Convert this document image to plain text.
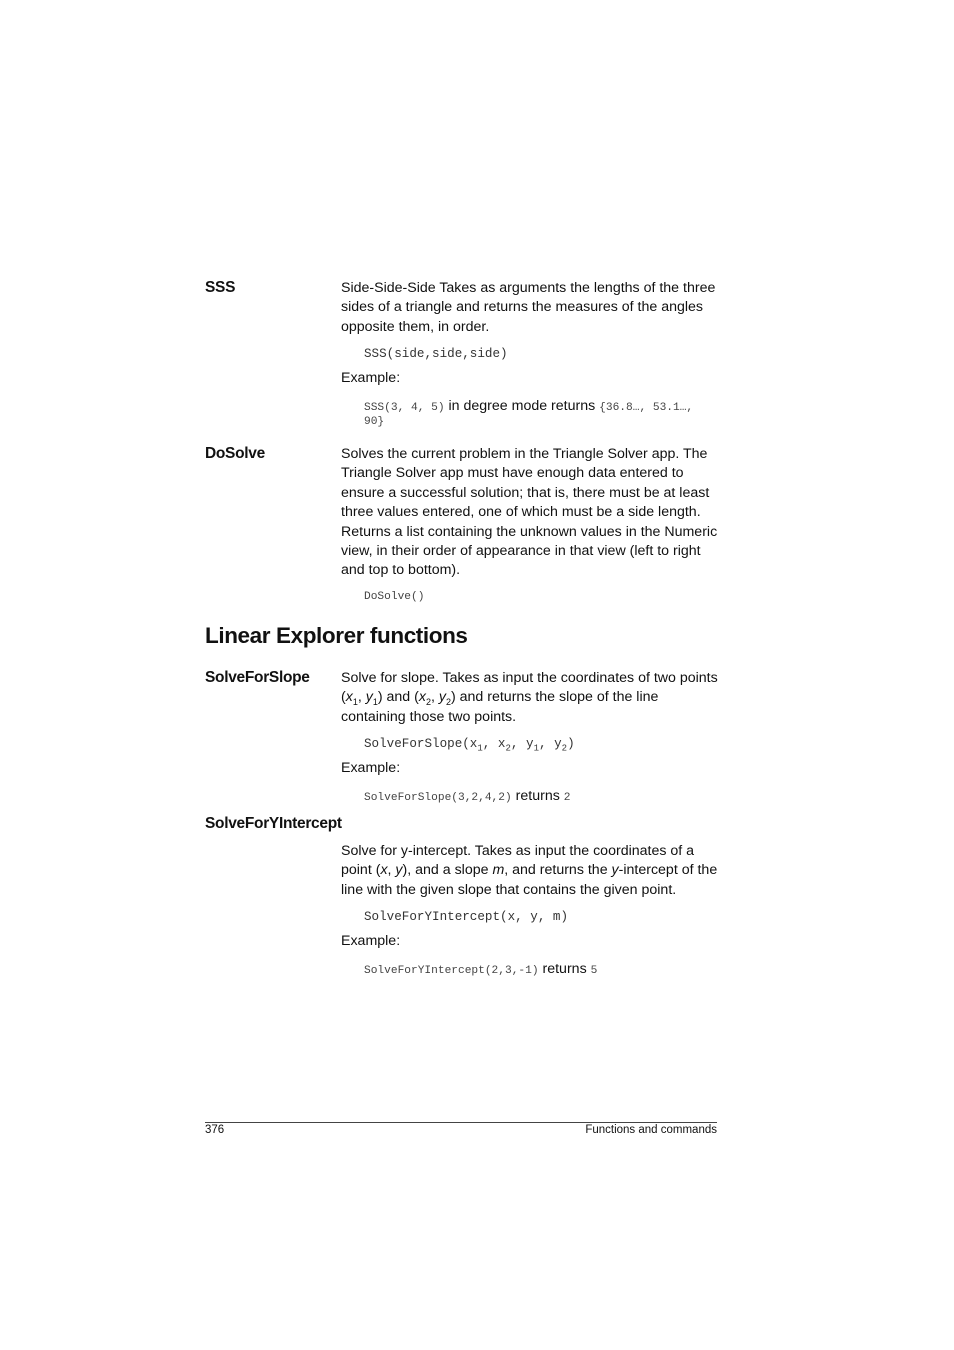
SSS	Side-Side-Side Takes as arguments the lengths of the three sides of a triangle and returns the measures of the angles opposite them, in order.
SSS(side,side,side)
Example:
SSS(3, 4, 5) in degree mode returns {36.8…, 53.1…,
90}
DoSolve	Solves the current problem in the Triangle Solver app. The Triangle Solver app must have enough data entered to ensure a successful solution; that is, there must be at least three values entered, one of which must be a side length. Returns a list containing the unknown values in the Numeric view, in their order of appearance in that view (left to right and top to bottom).
DoSolve()
Linear Explorer functions
SolveForSlope Solve for slope. Takes as input the coordinates of two points ($x_1$, $y_1$) and ($x_2$, $y_2$) and returns the slope of the line containing those two points.
$SolveForSlope(x_1$, $x_2$, $y_1$, $y_2$)
Example:
SolveForSlope(3,2,4,2) returns 2
SolveForYIntercept
Solve for y-intercept. Takes as input the coordinates of a point (x, y), and a slope m, and returns the y-intercept of the line with the given slope that contains the given point.
SolveForYIntercept(x, y, m)
Example:
SolveForYIntercept(2,3,-1) returns 5
376	Functions and commands
